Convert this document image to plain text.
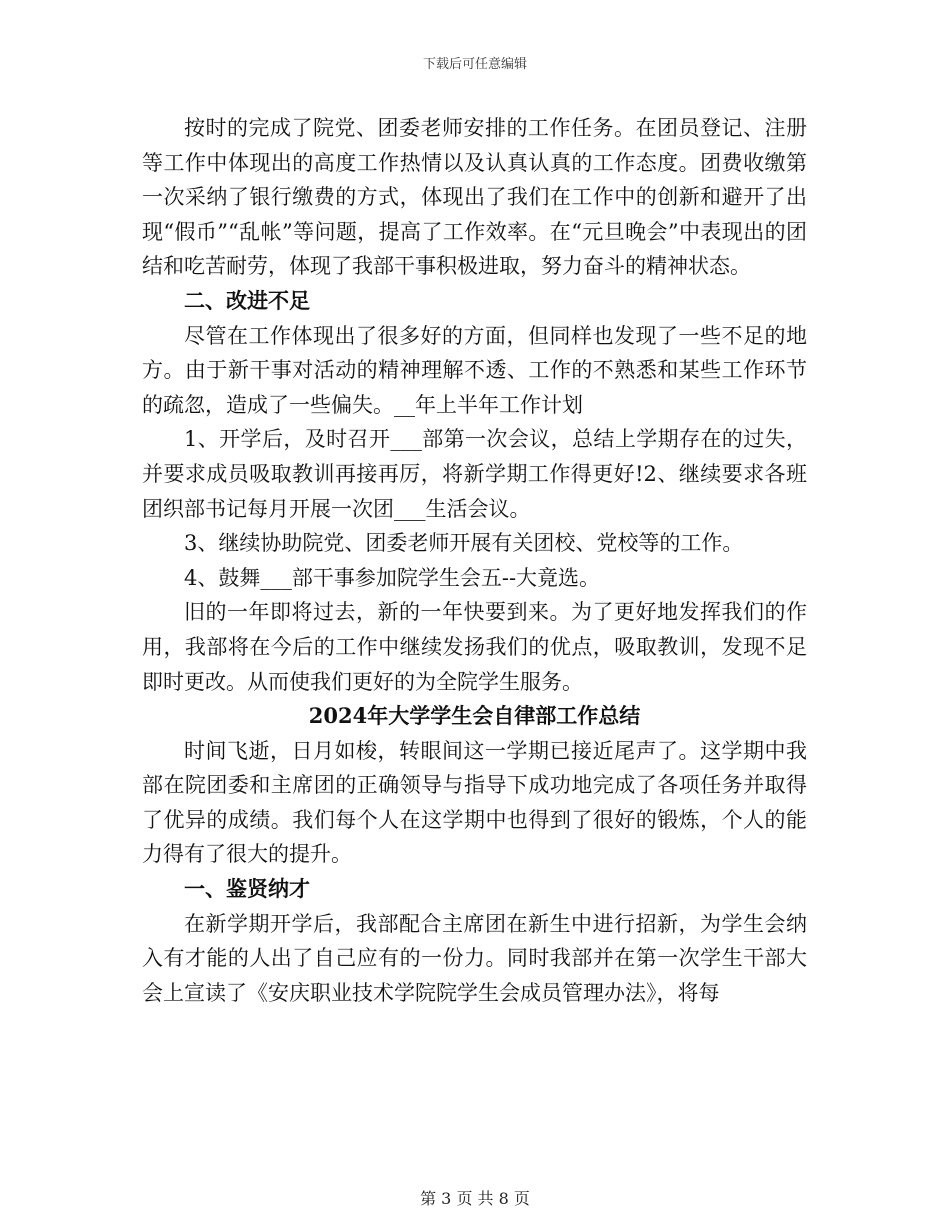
下载后可任意编辑

按时的完成了院党、团委老师安排的工作任务。在团员登记、注册等工作中体现出的高度工作热情以及认真认真的工作态度。团费收缴第一次采纳了银行缴费的方式，体现出了我们在工作中的创新和避开了出现“假币”“乱帐”等问题，提高了工作效率。在“元旦晚会”中表现出的团结和吃苦耐劳，体现了我部干事积极进取，努力奋斗的精神状态。

二、改进不足

尽管在工作体现出了很多好的方面，但同样也发现了一些不足的地方。由于新干事对活动的精神理解不透、工作的不熟悉和某些工作环节的疏忽，造成了一些偏失。__年上半年工作计划

1、开学后，及时召开___部第一次会议，总结上学期存在的过失，并要求成员吸取教训再接再厉，将新学期工作得更好!2、继续要求各班团织部书记每月开展一次团___生活会议。

3、继续协助院党、团委老师开展有关团校、党校等的工作。

4、鼓舞___部干事参加院学生会五--大竟选。

旧的一年即将过去，新的一年快要到来。为了更好地发挥我们的作用，我部将在今后的工作中继续发扬我们的优点，吸取教训，发现不足即时更改。从而使我们更好的为全院学生服务。

2024年大学学生会自律部工作总结

时间飞逝，日月如梭，转眼间这一学期已接近尾声了。这学期中我部在院团委和主席团的正确领导与指导下成功地完成了各项任务并取得了优异的成绩。我们每个人在这学期中也得到了很好的锻炼，个人的能力得有了很大的提升。

一、鉴贤纳才

在新学期开学后，我部配合主席团在新生中进行招新，为学生会纳入有才能的人出了自己应有的一份力。同时我部并在第一次学生干部大会上宣读了《安庆职业技术学院院学生会成员管理办法》，将每

第 3 页 共 8 页
